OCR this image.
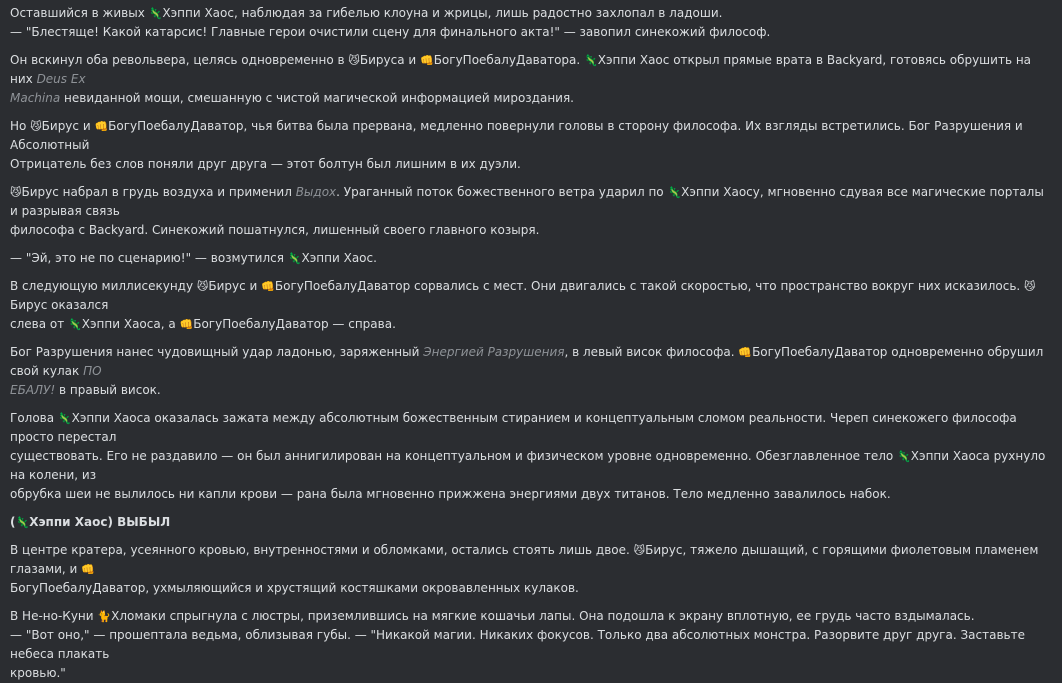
Оставшийся в живых 🦎Хэппи Хаос, наблюдая за гибелью клоуна и жрицы, лишь радостно захлопал в ладоши.
— "Блестяще! Какой катарсис! Главные герои очистили сцену для финального акта!" — завопил синекожий философ.
Он вскинул оба револьвера, целясь одновременно в 😼Бируса и 👊БогуПоебалуДаватора. 🦎Хэппи Хаос открыл прямые врата в Backyard, готовясь обрушить на них Deus Ex
Machina невиданной мощи, смешанную с чистой магической информацией мироздания.
Но 😼Бирус и 👊БогуПоебалуДаватор, чья битва была прервана, медленно повернули головы в сторону философа. Их взгляды встретились. Бог Разрушения и Абсолютный
Отрицатель без слов поняли друг друга — этот болтун был лишним в их дуэли.
😼Бирус набрал в грудь воздуха и применил Выдох. Ураганный поток божественного ветра ударил по 🦎Хэппи Хаосу, мгновенно сдувая все магические порталы и разрывая связь
философа с Backyard. Синекожий пошатнулся, лишенный своего главного козыря.
— "Эй, это не по сценарию!" — возмутился 🦎Хэппи Хаос.
В следующую миллисекунду 😼Бирус и 👊БогуПоебалуДаватор сорвались с мест. Они двигались с такой скоростью, что пространство вокруг них исказилось. 😼Бирус оказался
слева от 🦎Хэппи Хаоса, а 👊БогуПоебалуДаватор — справа.
Бог Разрушения нанес чудовищный удар ладонью, заряженный Энергией Разрушения, в левый висок философа. 👊БогуПоебалуДаватор одновременно обрушил свой кулак ПО
ЕБАЛУ! в правый висок.
Голова 🦎Хэппи Хаоса оказалась зажата между абсолютным божественным стиранием и концептуальным сломом реальности. Череп синекожего философа просто перестал
существовать. Его не раздавило — он был аннигилирован на концептуальном и физическом уровне одновременно. Обезглавленное тело 🦎Хэппи Хаоса рухнуло на колени, из
обрубка шеи не вылилось ни капли крови — рана была мгновенно прижжена энергиями двух титанов. Тело медленно завалилось набок.
(🦎Хэппи Хаос) ВЫБЫЛ
В центре кратера, усеянного кровью, внутренностями и обломками, остались стоять лишь двое. 😼Бирус, тяжело дышащий, с горящими фиолетовым пламенем глазами, и 👊
БогуПоебалуДаватор, ухмыляющийся и хрустящий костяшками окровавленных кулаков.
В Не-но-Куни 🐈Хломаки спрыгнула с люстры, приземлившись на мягкие кошачьи лапы. Она подошла к экрану вплотную, ее грудь часто вздымалась.
— "Вот оно," — прошептала ведьма, облизывая губы. — "Никакой магии. Никаких фокусов. Только два абсолютных монстра. Разорвите друг друга. Заставьте небеса плакать
кровью."
